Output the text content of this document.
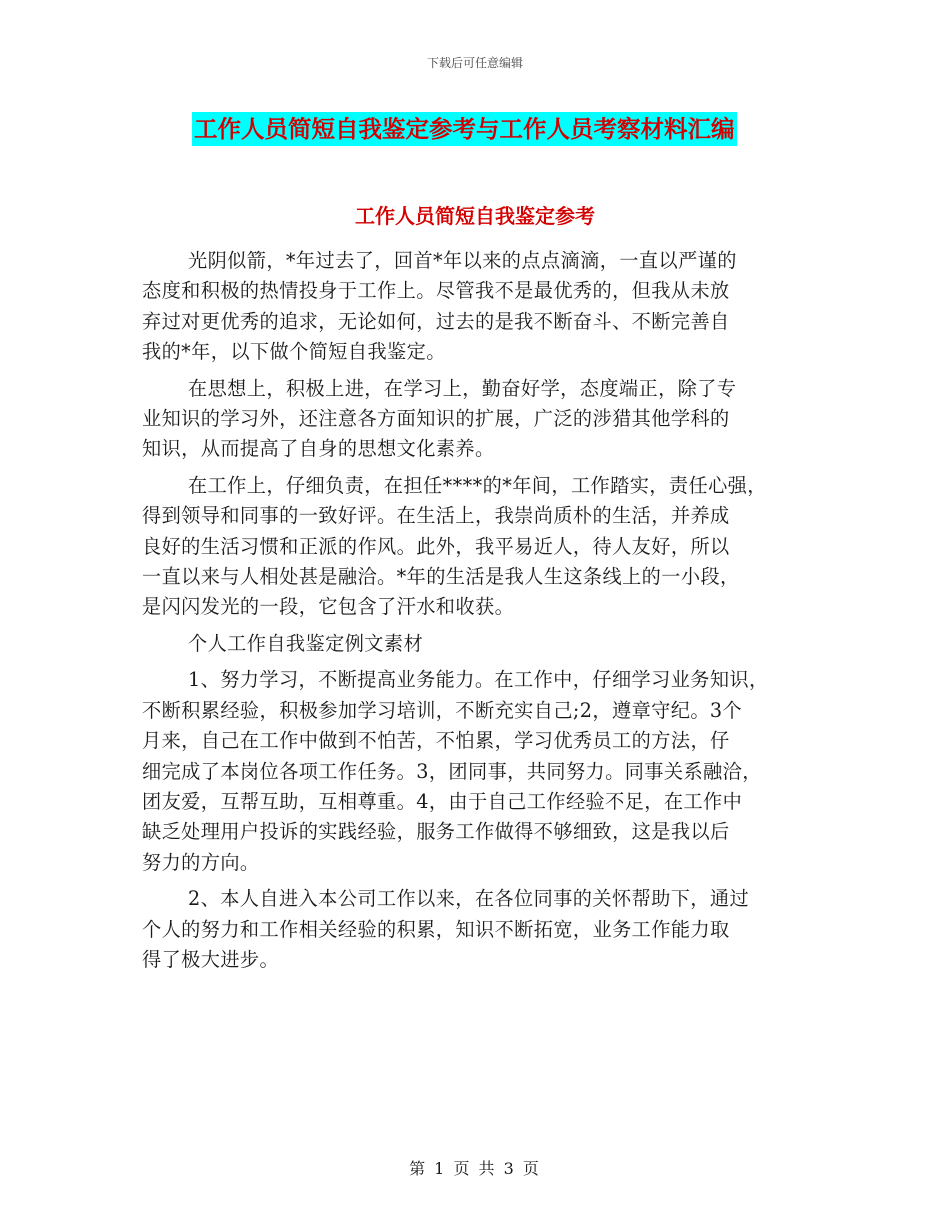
下载后可任意编辑
工作人员简短自我鉴定参考与工作人员考察材料汇编
工作人员简短自我鉴定参考

光阴似箭，*年过去了，回首*年以来的点点滴滴，一直以严谨的
态度和积极的热情投身于工作上。尽管我不是最优秀的，但我从未放
弃过对更优秀的追求，无论如何，过去的是我不断奋斗、不断完善自
我的*年，以下做个简短自我鉴定。

在思想上，积极上进，在学习上，勤奋好学，态度端正，除了专
业知识的学习外，还注意各方面知识的扩展，广泛的涉猎其他学科的
知识，从而提高了自身的思想文化素养。

在工作上，仔细负责，在担任****的*年间，工作踏实，责任心强，
得到领导和同事的一致好评。在生活上，我崇尚质朴的生活，并养成
良好的生活习惯和正派的作风。此外，我平易近人，待人友好，所以
一直以来与人相处甚是融洽。*年的生活是我人生这条线上的一小段，
是闪闪发光的一段，它包含了汗水和收获。

个人工作自我鉴定例文素材

1、努力学习，不断提高业务能力。在工作中，仔细学习业务知识，
不断积累经验，积极参加学习培训，不断充实自己;2，遵章守纪。3个
月来，自己在工作中做到不怕苦，不怕累，学习优秀员工的方法，仔
细完成了本岗位各项工作任务。3，团同事，共同努力。同事关系融洽，
团友爱，互帮互助，互相尊重。4，由于自己工作经验不足，在工作中
缺乏处理用户投诉的实践经验，服务工作做得不够细致，这是我以后
努力的方向。

2、本人自进入本公司工作以来，在各位同事的关怀帮助下，通过
个人的努力和工作相关经验的积累，知识不断拓宽，业务工作能力取
得了极大进步。

第 1 页 共 3 页
